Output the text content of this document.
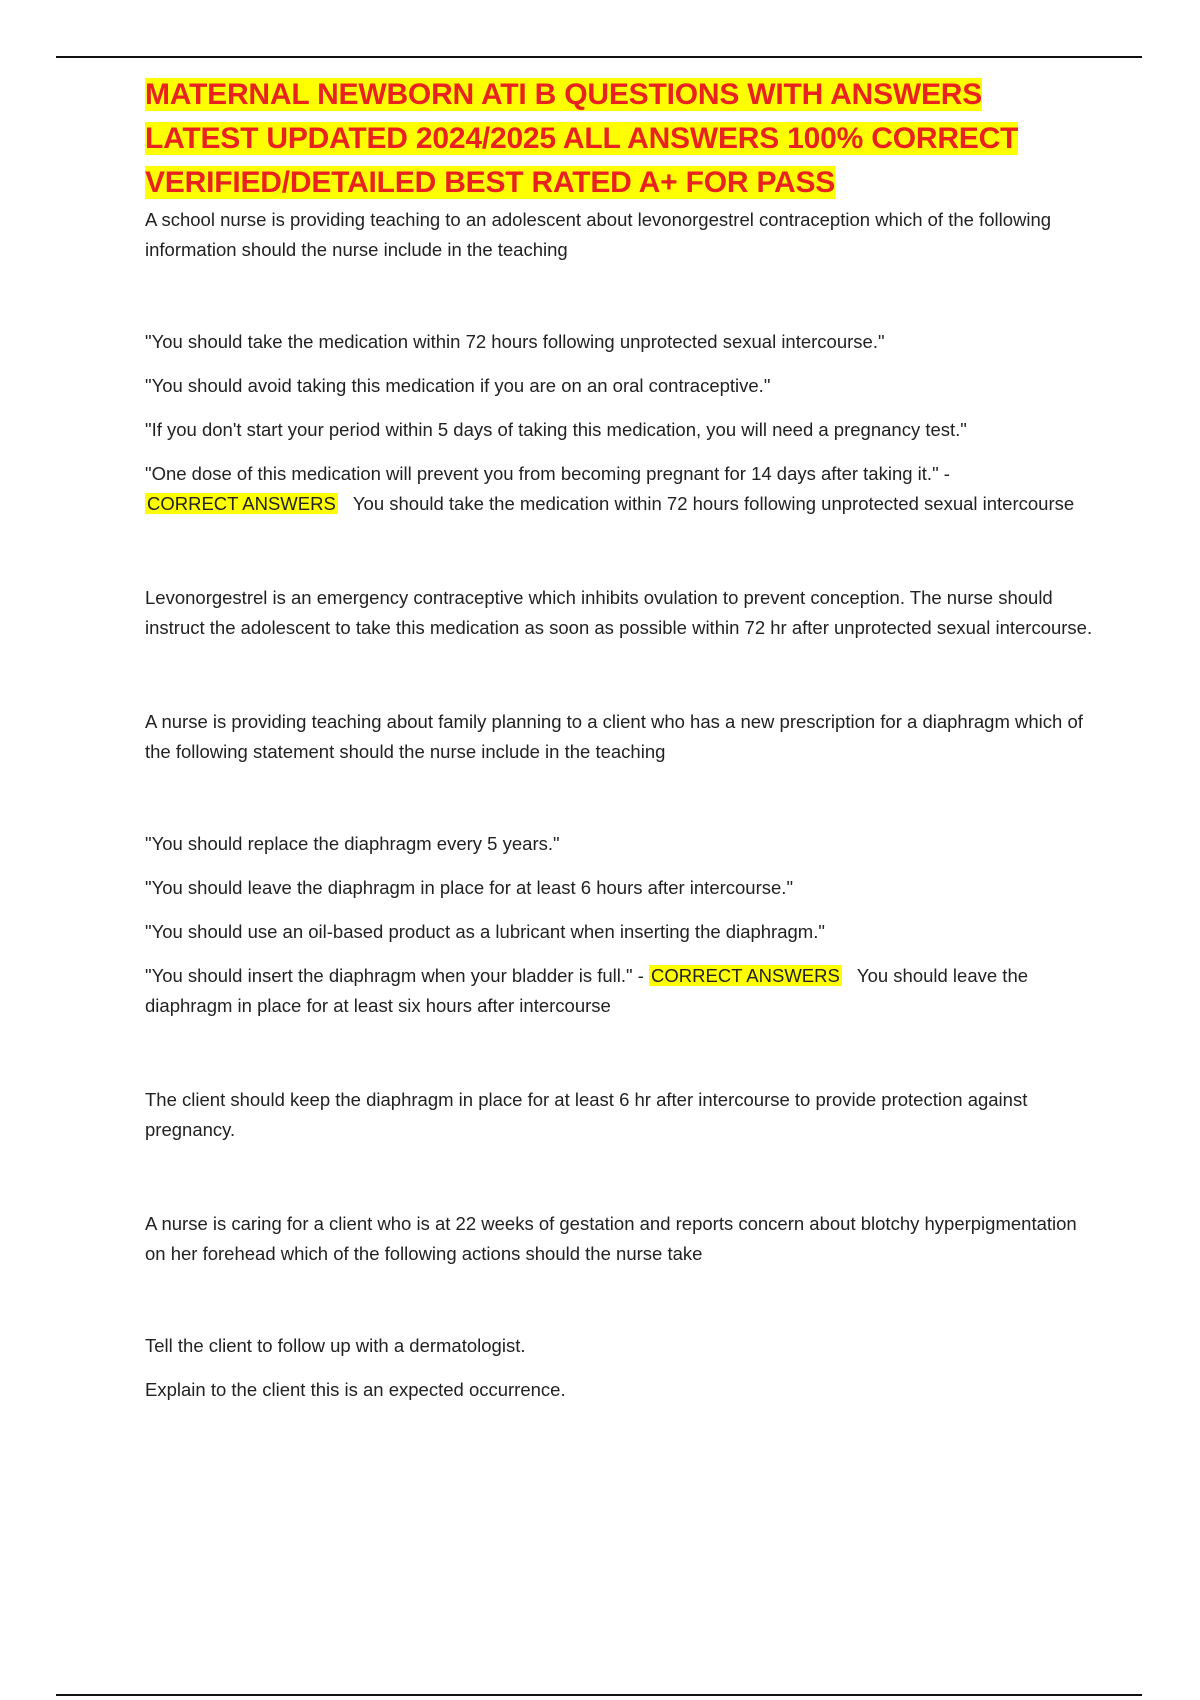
MATERNAL NEWBORN ATI B QUESTIONS WITH ANSWERS LATEST UPDATED 2024/2025 ALL ANSWERS 100% CORRECT VERIFIED/DETAILED BEST RATED A+ FOR PASS

A school nurse is providing teaching to an adolescent about levonorgestrel contraception which of the following information should the nurse include in the teaching

"You should take the medication within 72 hours following unprotected sexual intercourse."

"You should avoid taking this medication if you are on an oral contraceptive."

"If you don't start your period within 5 days of taking this medication, you will need a pregnancy test."

"One dose of this medication will prevent you from becoming pregnant for 14 days after taking it." -
CORRECT ANSWERS You should take the medication within 72 hours following unprotected sexual intercourse

Levonorgestrel is an emergency contraceptive which inhibits ovulation to prevent conception. The nurse should instruct the adolescent to take this medication as soon as possible within 72 hr after unprotected sexual intercourse.

A nurse is providing teaching about family planning to a client who has a new prescription for a diaphragm which of the following statement should the nurse include in the teaching

"You should replace the diaphragm every 5 years."

"You should leave the diaphragm in place for at least 6 hours after intercourse."

"You should use an oil-based product as a lubricant when inserting the diaphragm."

"You should insert the diaphragm when your bladder is full." - CORRECT ANSWERS You should leave the diaphragm in place for at least six hours after intercourse

The client should keep the diaphragm in place for at least 6 hr after intercourse to provide protection against pregnancy.

A nurse is caring for a client who is at 22 weeks of gestation and reports concern about blotchy hyperpigmentation on her forehead which of the following actions should the nurse take

Tell the client to follow up with a dermatologist.

Explain to the client this is an expected occurrence.
